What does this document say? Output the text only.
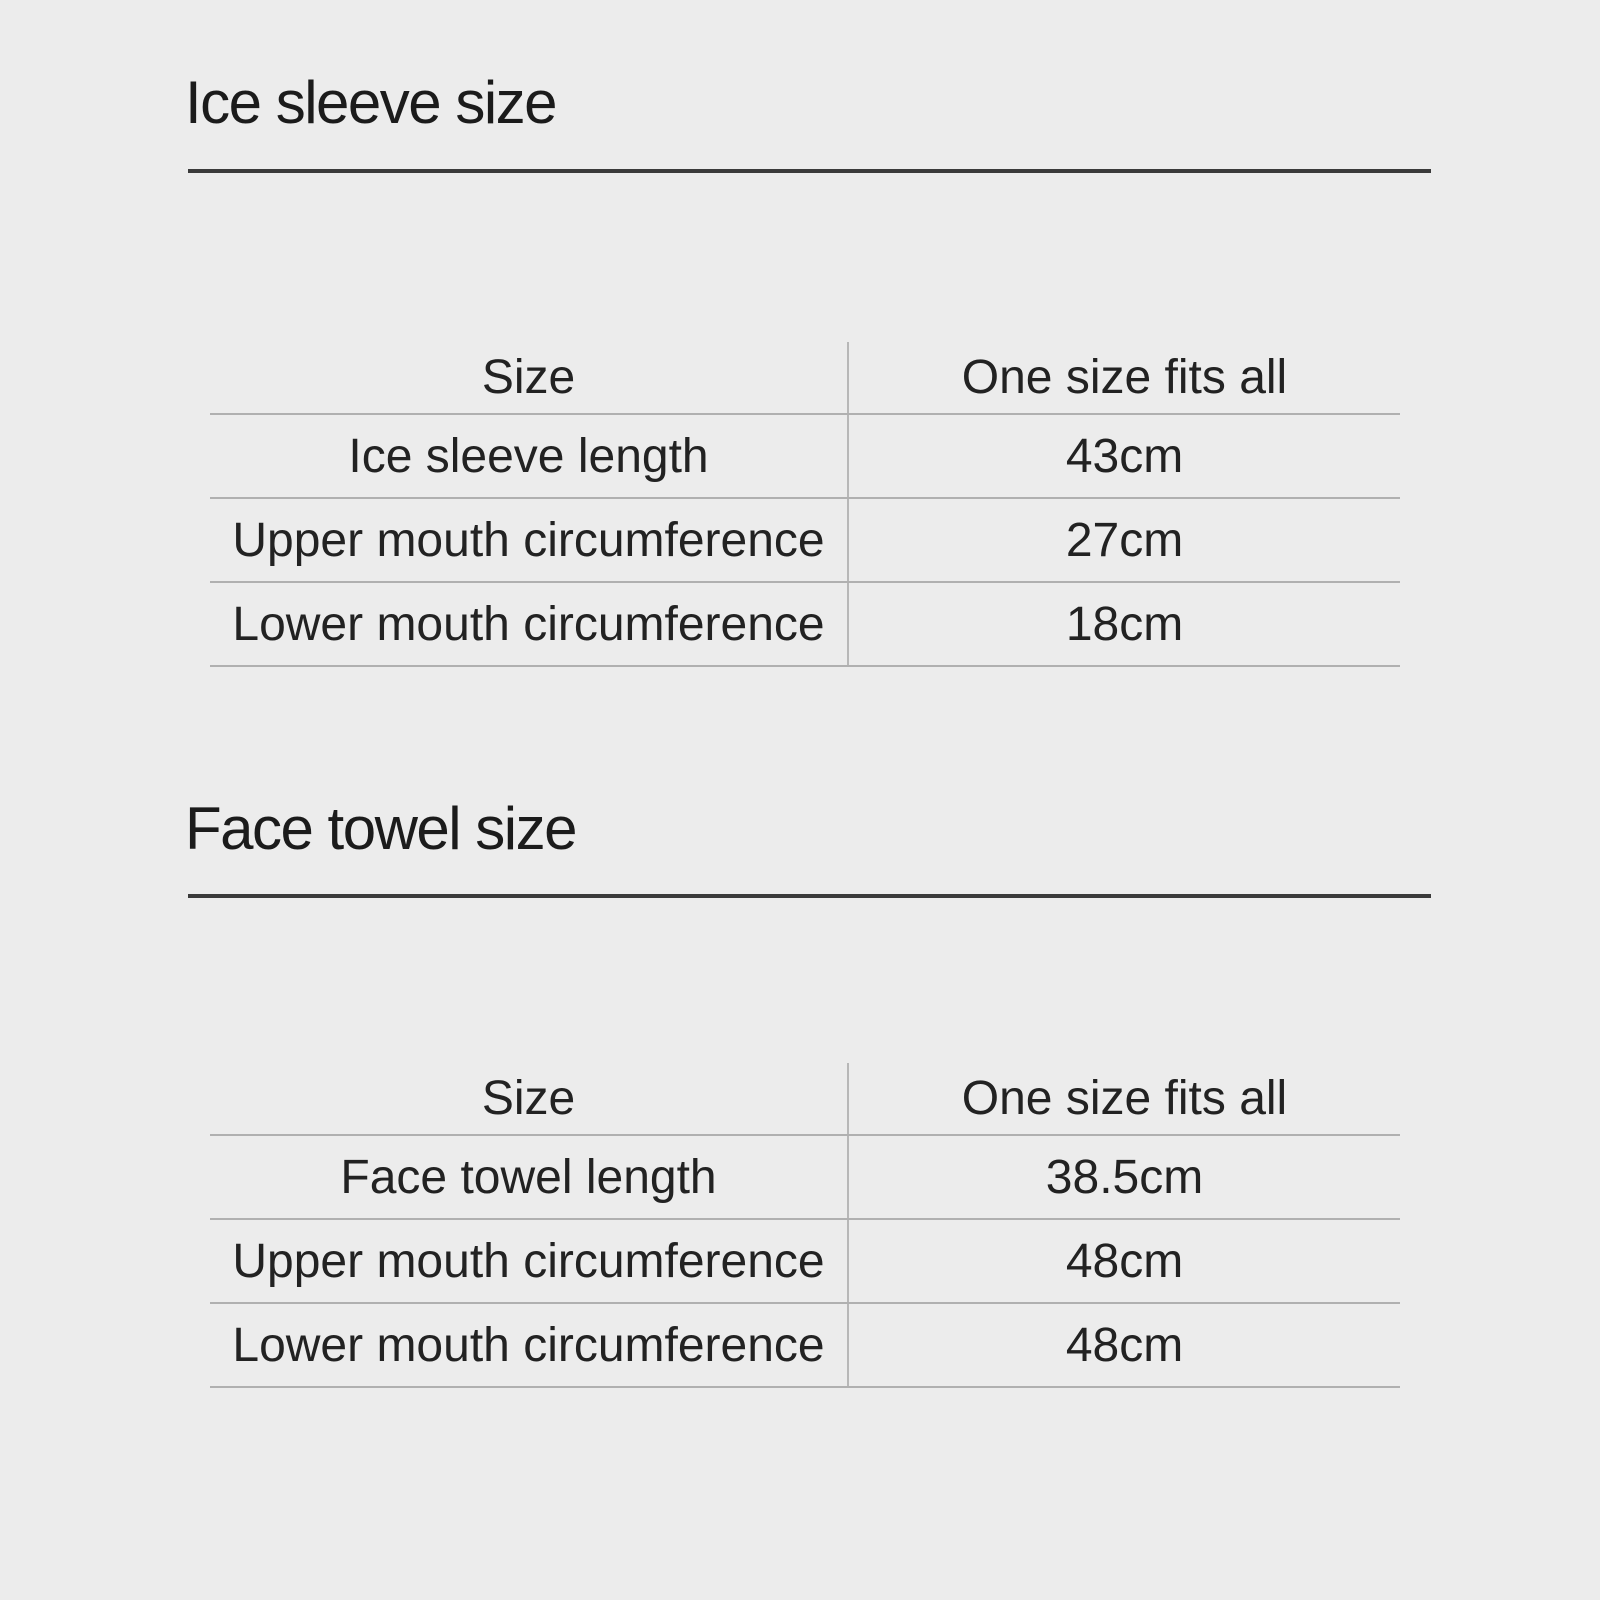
Ice sleeve size
Size	One size fits all
Ice sleeve length	43cm
Upper mouth circumference	27cm
Lower mouth circumference	18cm
Face towel size
Size	One size fits all
Face towel length	38.5cm
Upper mouth circumference	48cm
Lower mouth circumference	48cm
